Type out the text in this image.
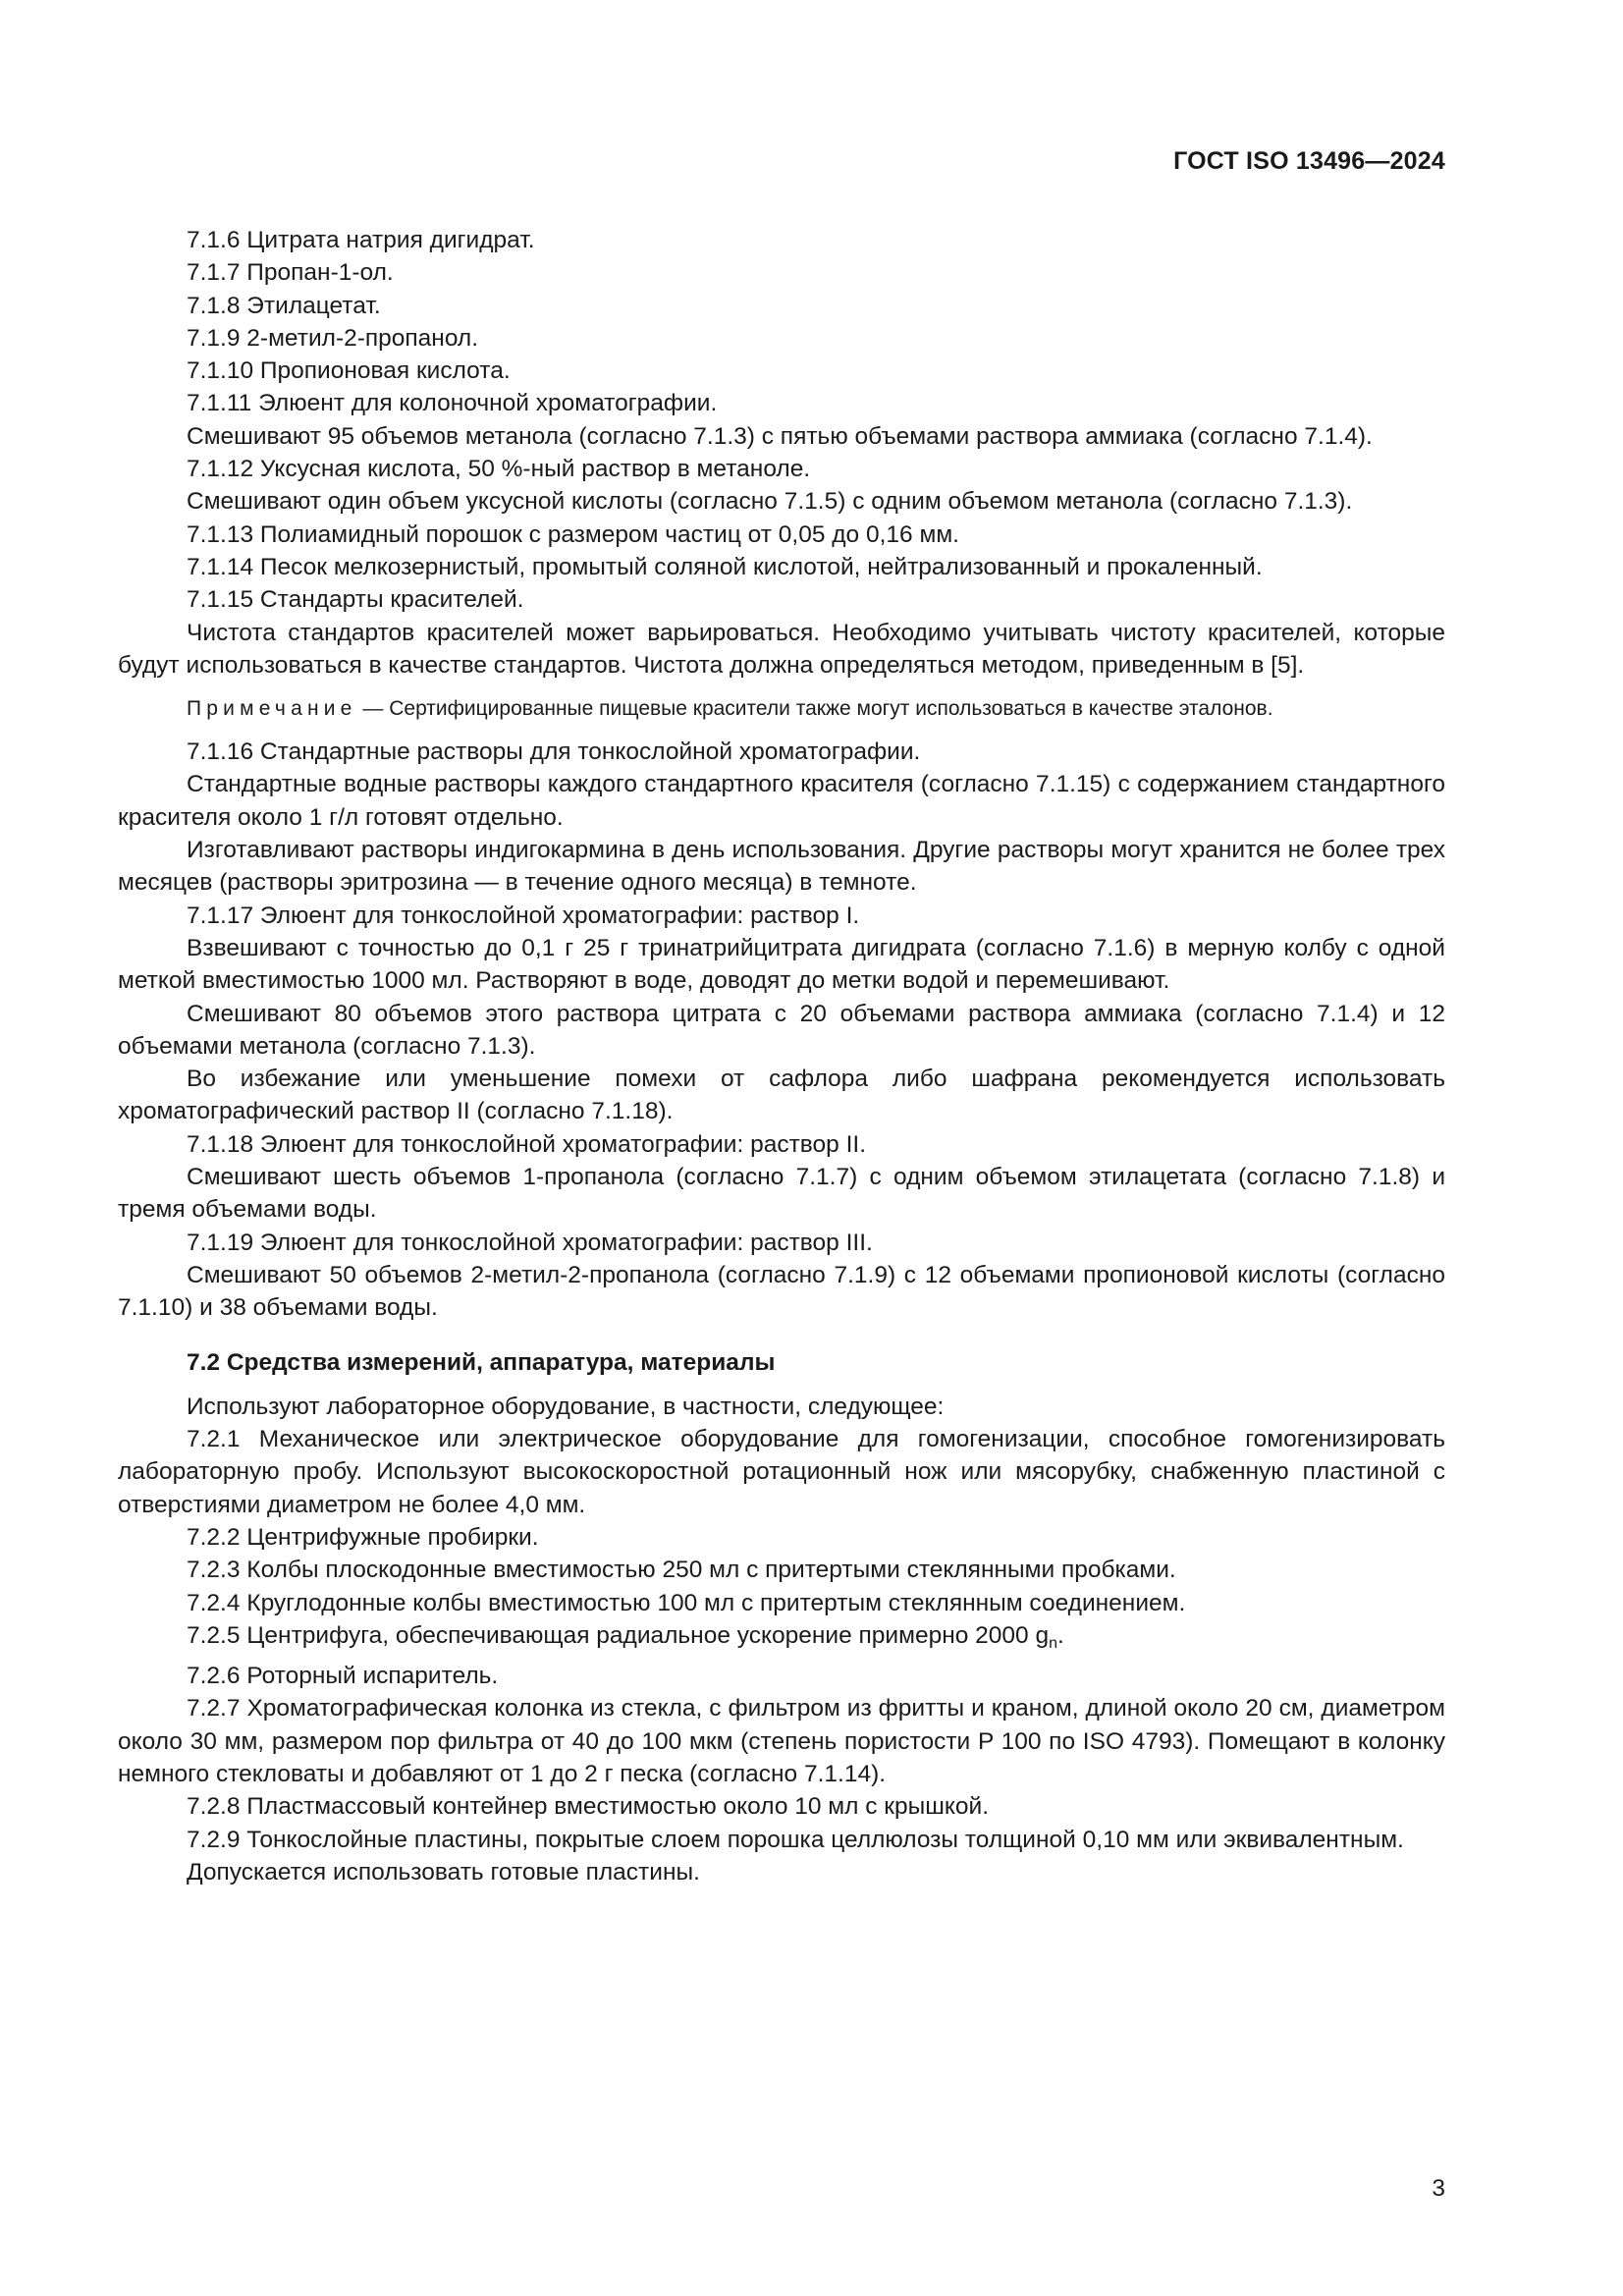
ГОСТ ISO 13496—2024

7.1.6 Цитрата натрия дигидрат.

7.1.7 Пропан-1-ол.

7.1.8 Этилацетат.

7.1.9 2-метил-2-пропанол.

7.1.10 Пропионовая кислота.

7.1.11 Элюент для колоночной хроматографии.

Смешивают 95 объемов метанола (согласно 7.1.3) с пятью объемами раствора аммиака (согласно 7.1.4).

7.1.12 Уксусная кислота, 50 %-ный раствор в метаноле.

Смешивают один объем уксусной кислоты (согласно 7.1.5) с одним объемом метанола (согласно 7.1.3).

7.1.13 Полиамидный порошок с размером частиц от 0,05 до 0,16 мм.

7.1.14 Песок мелкозернистый, промытый соляной кислотой, нейтрализованный и прокаленный.

7.1.15 Стандарты красителей.

Чистота стандартов красителей может варьироваться. Необходимо учитывать чистоту красителей, которые будут использоваться в качестве стандартов. Чистота должна определяться методом, приведенным в [5].

Примечание — Сертифицированные пищевые красители также могут использоваться в качестве эталонов.

7.1.16 Стандартные растворы для тонкослойной хроматографии.

Стандартные водные растворы каждого стандартного красителя (согласно 7.1.15) с содержанием стандартного красителя около 1 г/л готовят отдельно.

Изготавливают растворы индигокармина в день использования. Другие растворы могут хранится не более трех месяцев (растворы эритрозина — в течение одного месяца) в темноте.

7.1.17 Элюент для тонкослойной хроматографии: раствор I.

Взвешивают с точностью до 0,1 г 25 г тринатрийцитрата дигидрата (согласно 7.1.6) в мерную колбу с одной меткой вместимостью 1000 мл. Растворяют в воде, доводят до метки водой и перемешивают.

Смешивают 80 объемов этого раствора цитрата с 20 объемами раствора аммиака (согласно 7.1.4) и 12 объемами метанола (согласно 7.1.3).

Во избежание или уменьшение помехи от сафлора либо шафрана рекомендуется использовать хроматографический раствор II (согласно 7.1.18).

7.1.18 Элюент для тонкослойной хроматографии: раствор II.

Смешивают шесть объемов 1-пропанола (согласно 7.1.7) с одним объемом этилацетата (согласно 7.1.8) и тремя объемами воды.

7.1.19 Элюент для тонкослойной хроматографии: раствор III.

Смешивают 50 объемов 2-метил-2-пропанола (согласно 7.1.9) с 12 объемами пропионовой кислоты (согласно 7.1.10) и 38 объемами воды.

7.2 Средства измерений, аппаратура, материалы

Используют лабораторное оборудование, в частности, следующее:

7.2.1 Механическое или электрическое оборудование для гомогенизации, способное гомогенизировать лабораторную пробу. Используют высокоскоростной ротационный нож или мясорубку, снабженную пластиной с отверстиями диаметром не более 4,0 мм.

7.2.2 Центрифужные пробирки.

7.2.3 Колбы плоскодонные вместимостью 250 мл с притертыми стеклянными пробками.

7.2.4 Круглодонные колбы вместимостью 100 мл с притертым стеклянным соединением.

7.2.5 Центрифуга, обеспечивающая радиальное ускорение примерно 2000 $g_n$.

7.2.6 Роторный испаритель.

7.2.7 Хроматографическая колонка из стекла, с фильтром из фритты и краном, длиной около 20 см, диаметром около 30 мм, размером пор фильтра от 40 до 100 мкм (степень пористости P 100 по ISO 4793). Помещают в колонку немного стекловаты и добавляют от 1 до 2 г песка (согласно 7.1.14).

7.2.8 Пластмассовый контейнер вместимостью около 10 мл с крышкой.

7.2.9 Тонкослойные пластины, покрытые слоем порошка целлюлозы толщиной 0,10 мм или эквивалентным.

Допускается использовать готовые пластины.

3
